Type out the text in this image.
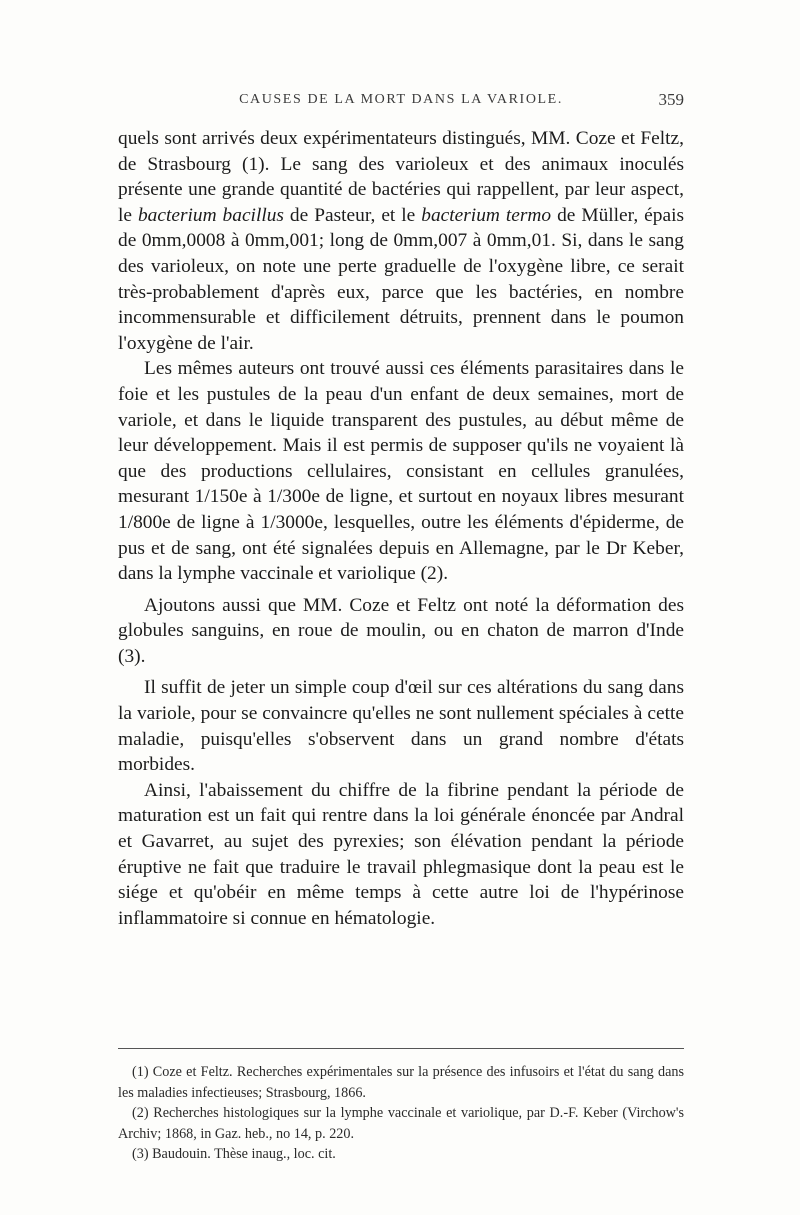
CAUSES DE LA MORT DANS LA VARIOLE.	359

quels sont arrivés deux expérimentateurs distingués, MM. Coze et Feltz, de Strasbourg (1). Le sang des varioleux et des animaux inoculés présente une grande quantité de bactéries qui rappellent, par leur aspect, le bacterium bacillus de Pasteur, et le bacterium termo de Müller, épais de 0mm,0008 à 0mm,001; long de 0mm,007 à 0mm,01. Si, dans le sang des varioleux, on note une perte graduelle de l'oxygène libre, ce serait très-probablement d'après eux, parce que les bactéries, en nombre incommensurable et difficilement détruits, prennent dans le poumon l'oxygène de l'air.

Les mêmes auteurs ont trouvé aussi ces éléments parasitaires dans le foie et les pustules de la peau d'un enfant de deux semaines, mort de variole, et dans le liquide transparent des pustules, au début même de leur développement. Mais il est permis de supposer qu'ils ne voyaient là que des productions cellulaires, consistant en cellules granulées, mesurant 1/150e à 1/300e de ligne, et surtout en noyaux libres mesurant 1/800e de ligne à 1/3000e, lesquelles, outre les éléments d'épiderme, de pus et de sang, ont été signalées depuis en Allemagne, par le Dr Keber, dans la lymphe vaccinale et variolique (2).

Ajoutons aussi que MM. Coze et Feltz ont noté la déformation des globules sanguins, en roue de moulin, ou en chaton de marron d'Inde (3).

Il suffit de jeter un simple coup d'œil sur ces altérations du sang dans la variole, pour se convaincre qu'elles ne sont nullement spéciales à cette maladie, puisqu'elles s'observent dans un grand nombre d'états morbides.

Ainsi, l'abaissement du chiffre de la fibrine pendant la période de maturation est un fait qui rentre dans la loi générale énoncée par Andral et Gavarret, au sujet des pyrexies; son élévation pendant la période éruptive ne fait que traduire le travail phlegmasique dont la peau est le siége et qu'obéir en même temps à cette autre loi de l'hypérinose inflammatoire si connue en hématologie.

(1) Coze et Feltz. Recherches expérimentales sur la présence des infusoirs et l'état du sang dans les maladies infectieuses; Strasbourg, 1866.

(2) Recherches histologiques sur la lymphe vaccinale et variolique, par D.-F. Keber (Virchow's Archiv; 1868, in Gaz. heb., no 14, p. 220.

(3) Baudouin. Thèse inaug., loc. cit.
